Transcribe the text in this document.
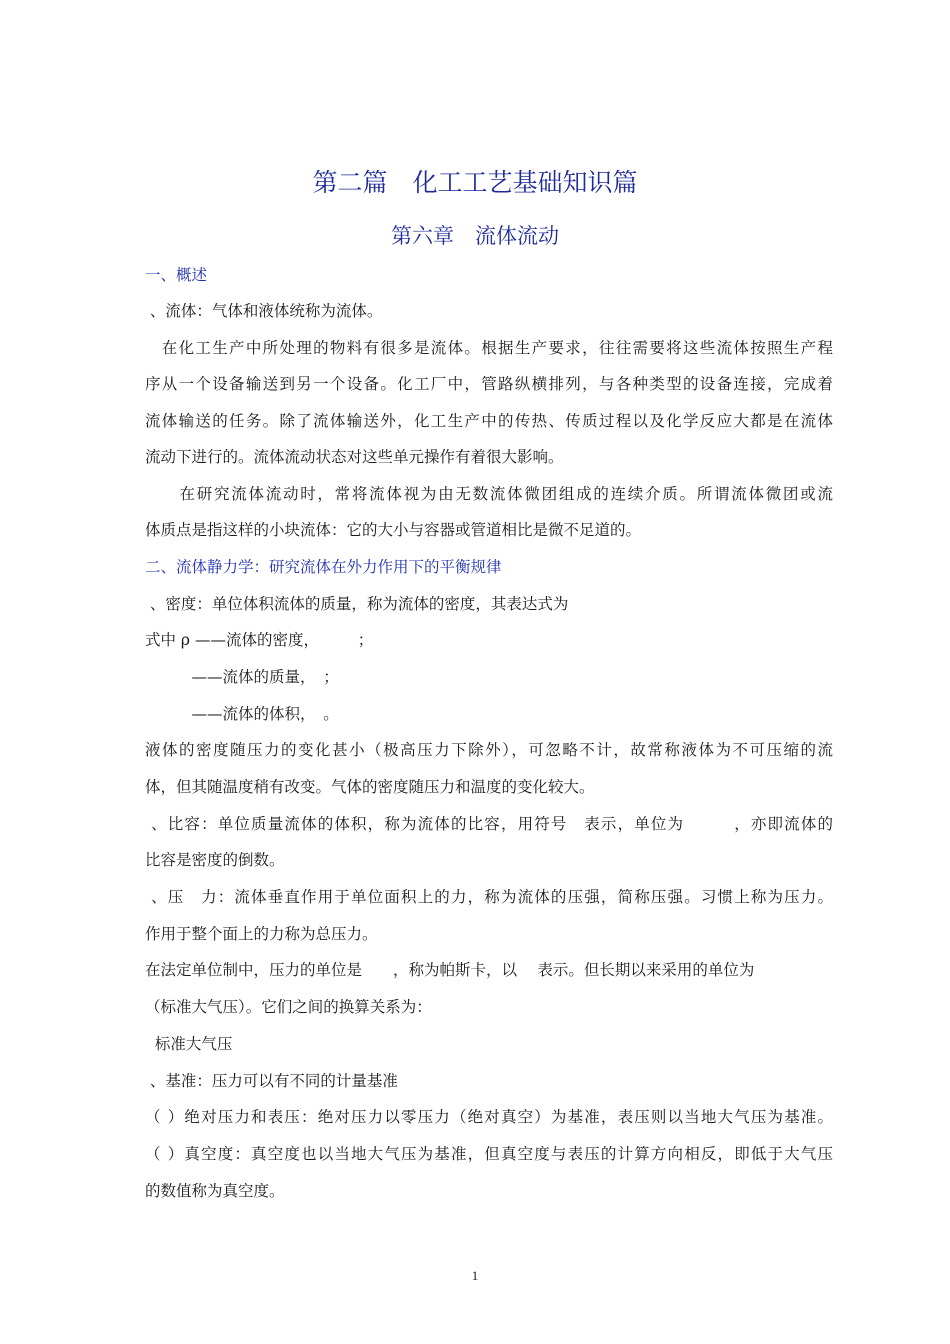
第二篇　化工工艺基础知识篇
第六章　流体流动
一、概述
、流体：气体和液体统称为流体。
　在化工生产中所处理的物料有很多是流体。根据生产要求，往往需要将这些流体按照生产程
序从一个设备输送到另一个设备。化工厂中，管路纵横排列，与各种类型的设备连接，完成着
流体输送的任务。除了流体输送外，化工生产中的传热、传质过程以及化学反应大都是在流体
流动下进行的。流体流动状态对这些单元操作有着很大影响。
　　在研究流体流动时，常将流体视为由无数流体微团组成的连续介质。所谓流体微团或流
体质点是指这样的小块流体：它的大小与容器或管道相比是微不足道的。
二、流体静力学：研究流体在外力作用下的平衡规律
、密度：单位体积流体的质量，称为流体的密度，其表达式为
式中 ρ ——流体的密度，　　　；
　　　——流体的质量，　；
　　　——流体的体积，　。
液体的密度随压力的变化甚小（极高压力下除外），可忽略不计，故常称液体为不可压缩的流
体，但其随温度稍有改变。气体的密度随压力和温度的变化较大。
、比容：单位质量流体的体积，称为流体的比容，用符号　表示，单位为　　　，亦即流体的
比容是密度的倒数。
、压　力：流体垂直作用于单位面积上的力，称为流体的压强，简称压强。习惯上称为压力。
作用于整个面上的力称为总压力。
在法定单位制中，压力的单位是　　，称为帕斯卡，以　 表示。但长期以来采用的单位为
（标准大气压）。它们之间的换算关系为：
标准大气压
、基准：压力可以有不同的计量基准
（ ）绝对压力和表压：绝对压力以零压力（绝对真空）为基准，表压则以当地大气压为基准。
（ ）真空度：真空度也以当地大气压为基准，但真空度与表压的计算方向相反，即低于大气压
的数值称为真空度。
1
